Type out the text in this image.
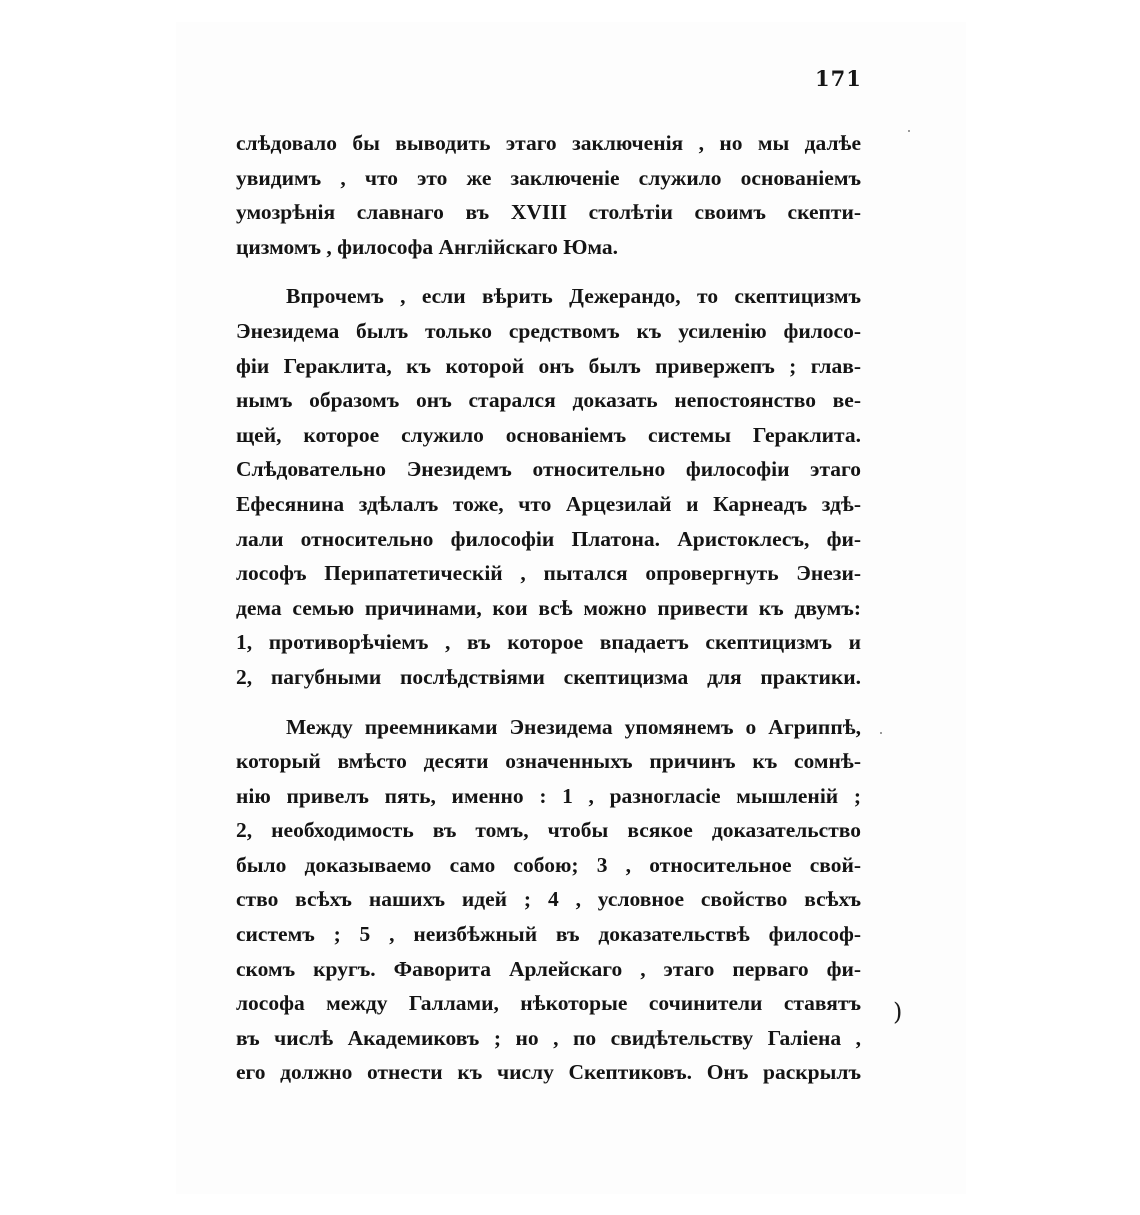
171
слѣдовало бы выводить этаго заключенія , но мы далѣе
увидимъ , что это же заключеніе служило основаніемъ
умозрѣнія славнаго въ XVIII столѣтіи своимъ скепти-
цизмомъ , философа Англійскаго Юма.
Впрочемъ , если вѣрить Дежерандо, то скептицизмъ
Энезидема былъ только средствомъ къ усиленію филосо-
фіи Гераклита, къ которой онъ былъ привержепъ ; глав-
нымъ образомъ онъ старался доказать непостоянство ве-
щей, которое служило основаніемъ системы Гераклита.
Слѣдовательно Энезидемъ относительно философіи этаго
Ефесянина здѣлалъ тоже, что Арцезилай и Карнеадъ здѣ-
лали относительно философіи Платона. Аристоклесъ, фи-
лософъ Перипатетическій , пытался опровергнуть Энези-
дема семью причинами, кои всѣ можно привести къ двумъ:
1, противорѣчіемъ , въ которое впадаетъ скептицизмъ и
2, пагубными послѣдствіями скептицизма для практики.
Между преемниками Энезидема упомянемъ о Агриппѣ,
который вмѣсто десяти означенныхъ причинъ къ сомнѣ-
нію привелъ пять, именно : 1 , разногласіе мышленій ;
2, необходимость въ томъ, чтобы всякое доказательство
было доказываемо само собою; 3 , относительное свой-
ство всѣхъ нашихъ идей ; 4 , условное свойство всѣхъ
системъ ; 5 , неизбѣжный въ доказательствѣ философ-
скомъ кругъ. Фаворита Арлейскаго , этаго перваго фи-
лософа между Галлами, нѣкоторые сочинители ставятъ
въ числѣ Академиковъ ; но , по свидѣтельству Галіена ,
его должно отнести къ числу Скептиковъ. Онъ раскрылъ
)
